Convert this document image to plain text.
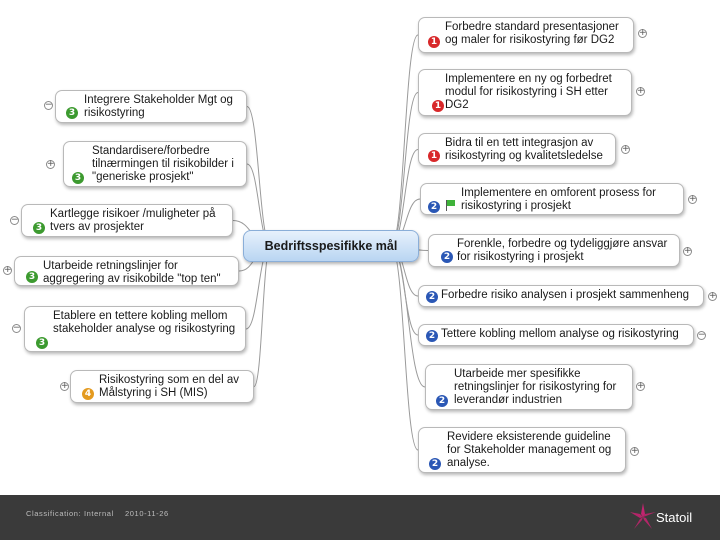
1
Forbedre standard presentasjoner og maler for risikostyring før DG2
+
1
Implementere en ny og forbedret modul for risikostyring i SH etter DG2
+
1
Bidra til en tett integrasjon av risikostyring og kvalitetsledelse
+
2
Implementere en omforent prosess for risikostyring i prosjekt
+
2
Forenkle, forbedre og tydeliggjøre ansvar for risikostyring i prosjekt	+
2 Forbedre risiko analysen i prosjekt sammenheng	+
2 Tettere kobling mellom analyse og risikostyring	−
2
Utarbeide mer spesifikke retningslinjer for risikostyring for leverandør industrien
+
2
Revidere eksisterende guideline for Stakeholder management og analyse.
+
3
Integrere Stakeholder Mgt og risikostyring
−
3
Standardisere/forbedre tilnærmingen til risikobilder i "generiske prosjekt"
+
3
Kartlegge risikoer /muligheter på tvers av prosjekter
−
3
Utarbeide retningslinjer for aggregering av risikobilde "top ten"
+
3
Etablere en tettere kobling mellom stakeholder analyse og risikostyring
−
4
Risikostyring som en del av Målstyring i SH (MIS)
+
Bedriftsspesifikke mål
Classification: Internal 2010-11-26	Statoil
